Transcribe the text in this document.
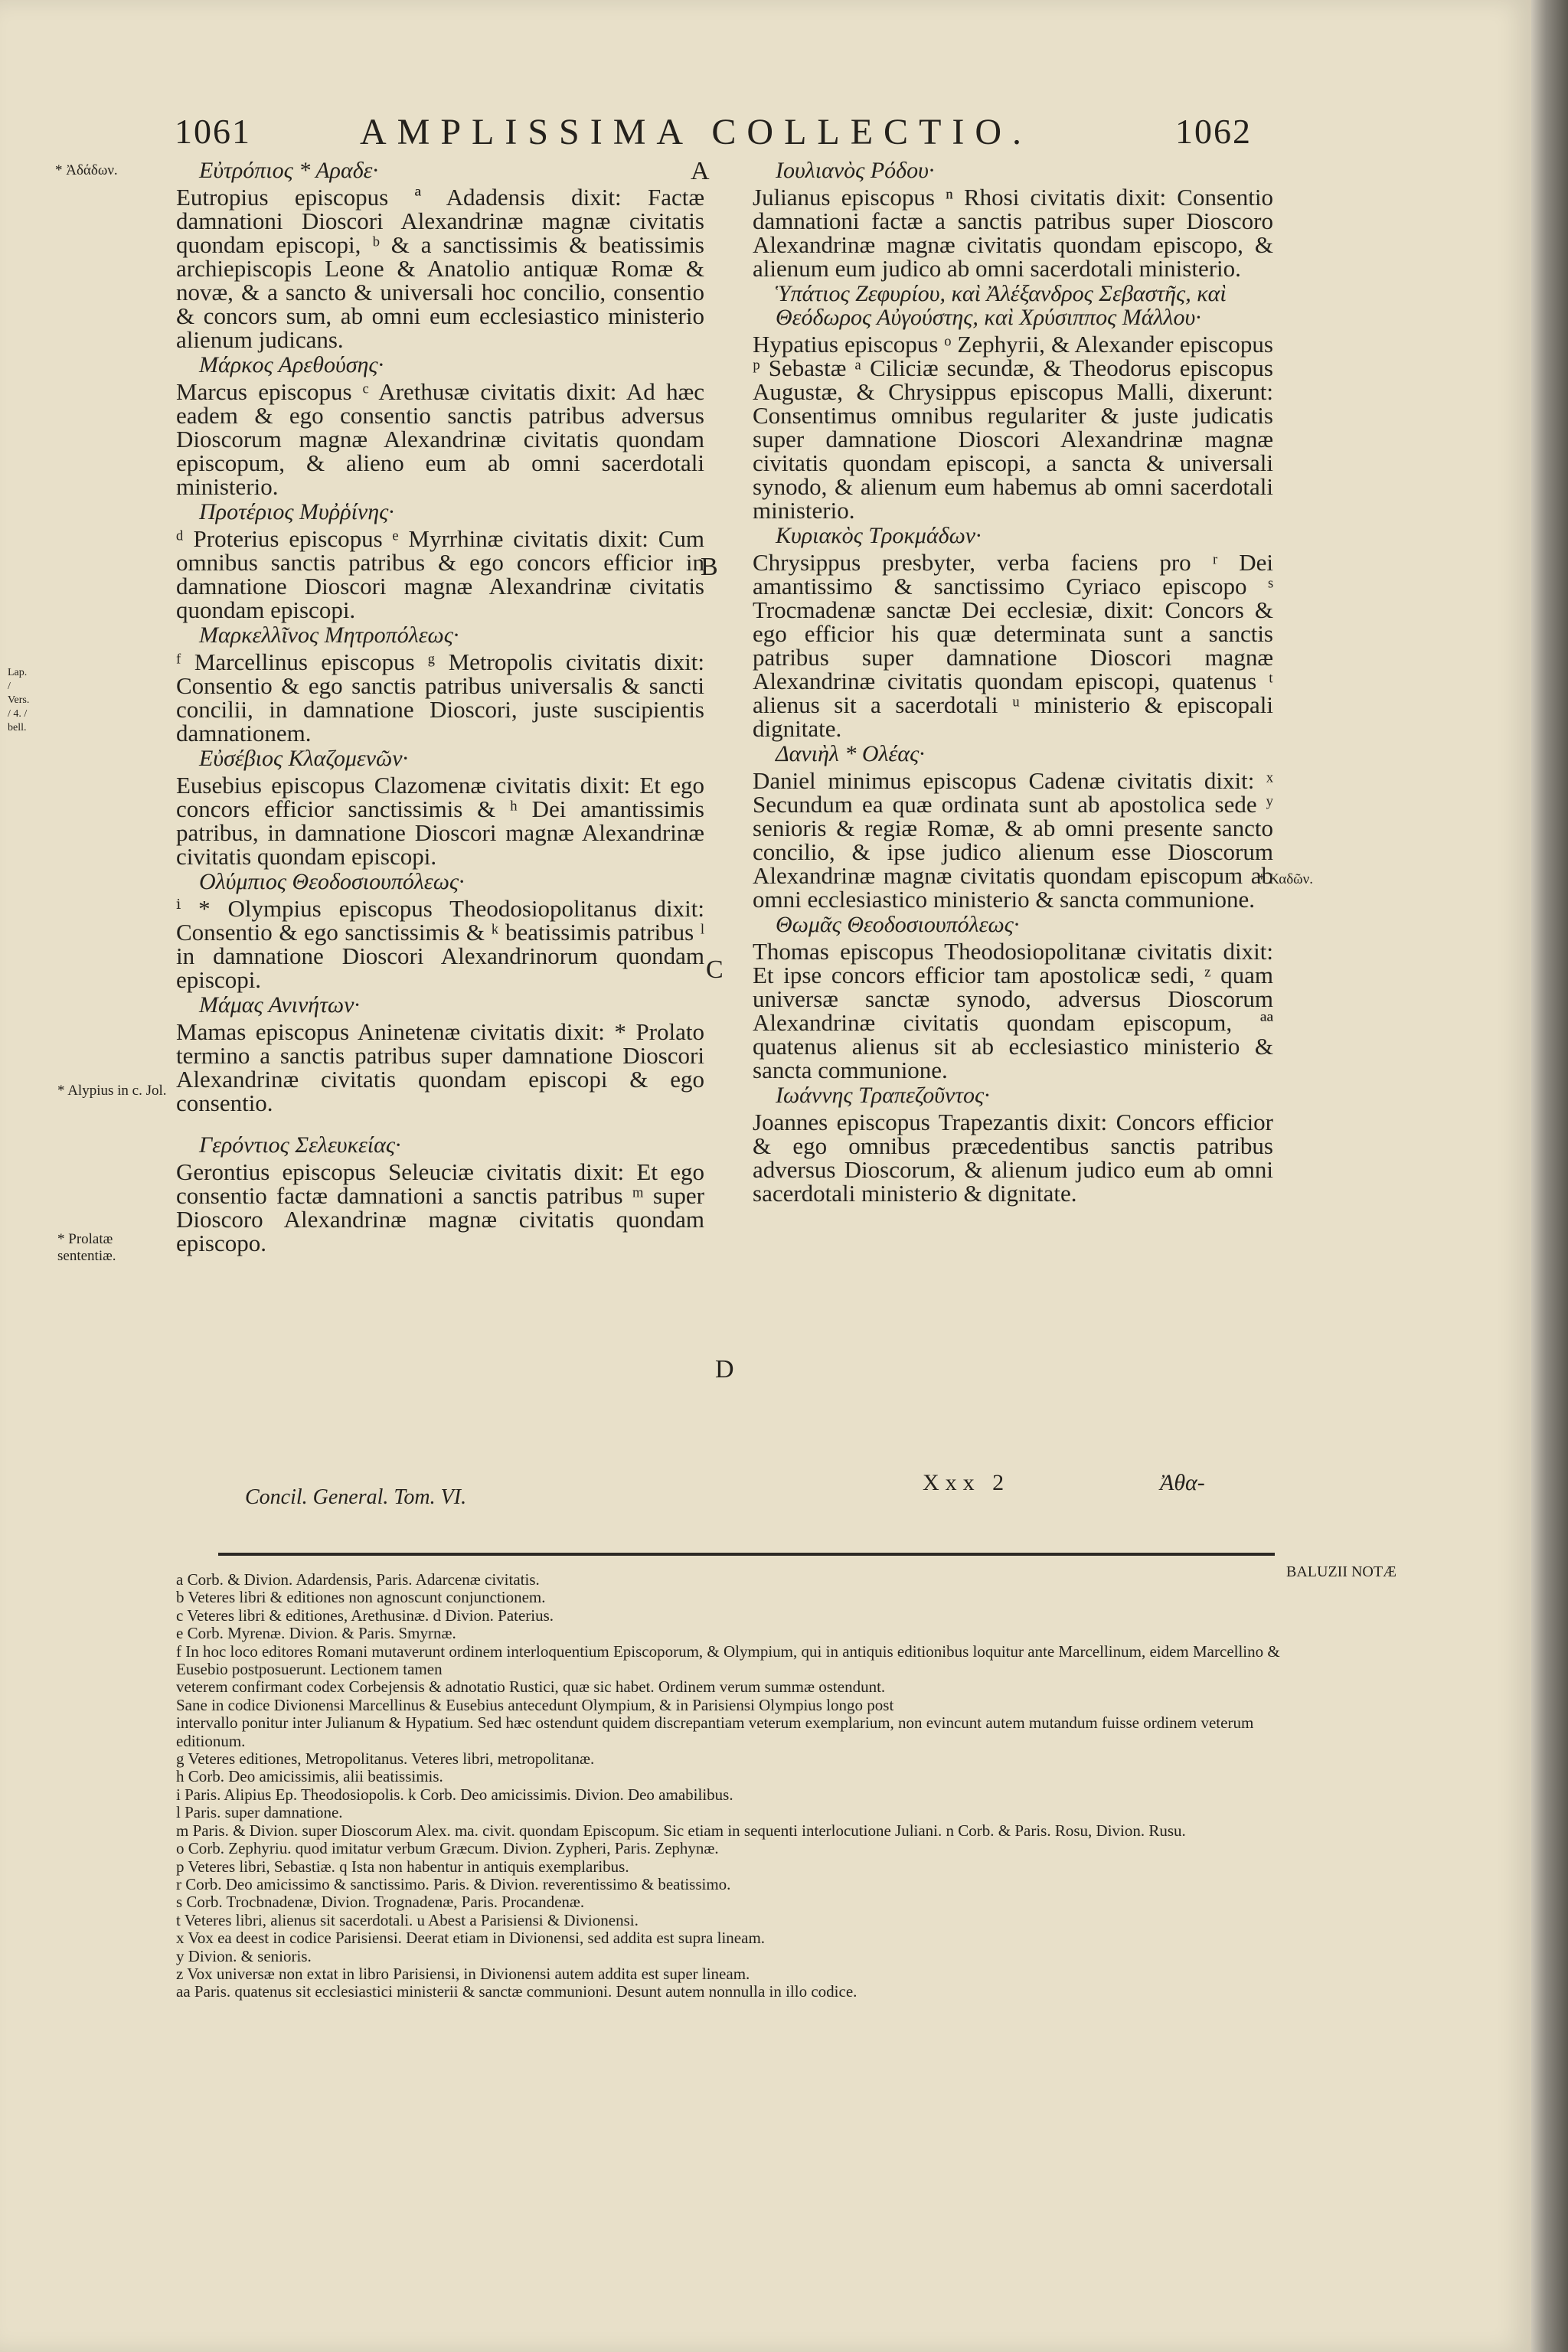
1061	AMPLISSIMA COLLECTIO.	1062
* Ἀδάδων.
Lap. / Vers. / 4. / bell.
* Alypius in c. Jol.
* Prolatæ sententiæ.
* Καδῶν.
A
B
C
D
Εὐτρόπιος * Αραδε·
Eutropius episcopus ª Adadensis dixit: Factæ damnationi Dioscori Alexandrinæ magnæ civitatis quondam episcopi, ᵇ & a sanctissimis & beatissimis archiepiscopis Leone & Anatolio antiquæ Romæ & novæ, & a sancto & universali hoc concilio, consentio & concors sum, ab omni eum ecclesiastico ministerio alienum judicans.
Μάρκος Αρεθούσης·
Marcus episcopus ᶜ Arethusæ civitatis dixit: Ad hæc eadem & ego consentio sanctis patribus adversus Dioscorum magnæ Alexandrinæ civitatis quondam episcopum, & alieno eum ab omni sacerdotali ministerio.
Προτέριος Μυῤῥίνης·
ᵈ Proterius episcopus ᵉ Myrrhinæ civitatis dixit: Cum omnibus sanctis patribus & ego concors efficior in damnatione Dioscori magnæ Alexandrinæ civitatis quondam episcopi.
Μαρκελλῖνος Μητροπόλεως·
ᶠ Marcellinus episcopus ᵍ Metropolis civitatis dixit: Consentio & ego sanctis patribus universalis & sancti concilii, in damnatione Dioscori, juste suscipientis damnationem.
Εὐσέβιος Κλαζομενῶν·
Eusebius episcopus Clazomenæ civitatis dixit: Et ego concors efficior sanctissimis & ʰ Dei amantissimis patribus, in damnatione Dioscori magnæ Alexandrinæ civitatis quondam episcopi.
Ολύμπιος Θεοδοσιουπόλεως·
ⁱ * Olympius episcopus Theodosiopolitanus dixit: Consentio & ego sanctissimis & ᵏ beatissimis patribus ˡ in damnatione Dioscori Alexandrinorum quondam episcopi.
Μάμας Ανινήτων·
Mamas episcopus Aninetenæ civitatis dixit: * Prolato termino a sanctis patribus super damnatione Dioscori Alexandrinæ civitatis quondam episcopi & ego consentio.
Γερόντιος Σελευκείας·
Gerontius episcopus Seleuciæ civitatis dixit: Et ego consentio factæ damnationi a sanctis patribus ᵐ super Dioscoro Alexandrinæ magnæ civitatis quondam episcopo.
Ιουλιανὸς Ρόδου·
Julianus episcopus ⁿ Rhosi civitatis dixit: Consentio damnationi factæ a sanctis patribus super Dioscoro Alexandrinæ magnæ civitatis quondam episcopo, & alienum eum judico ab omni sacerdotali ministerio.
Ὑπάτιος Ζεφυρίου, καὶ Ἀλέξανδρος Σεβαστῆς, καὶ Θεόδωρος Αὐγούστης, καὶ Χρύσιππος Μάλλου·
Hypatius episcopus ᵒ Zephyrii, & Alexander episcopus ᵖ Sebastæ ᵃ Ciliciæ secundæ, & Theodorus episcopus Augustæ, & Chrysippus episcopus Malli, dixerunt: Consentimus omnibus regulariter & juste judicatis super damnatione Dioscori Alexandrinæ magnæ civitatis quondam episcopi, a sancta & universali synodo, & alienum eum habemus ab omni sacerdotali ministerio.
Κυριακὸς Τροκμάδων·
Chrysippus presbyter, verba faciens pro ʳ Dei amantissimo & sanctissimo Cyriaco episcopo ˢ Trocmadenæ sanctæ Dei ecclesiæ, dixit: Concors & ego efficior his quæ determinata sunt a sanctis patribus super damnatione Dioscori magnæ Alexandrinæ civitatis quondam episcopi, quatenus ᵗ alienus sit a sacerdotali ᵘ ministerio & episcopali dignitate.
Δανιὴλ * Ολέας·
Daniel minimus episcopus Cadenæ civitatis dixit: ˣ Secundum ea quæ ordinata sunt ab apostolica sede ʸ senioris & regiæ Romæ, & ab omni presente sancto concilio, & ipse judico alienum esse Dioscorum Alexandrinæ magnæ civitatis quondam episcopum ab omni ecclesiastico ministerio & sancta communione.
Θωμᾶς Θεοδοσιουπόλεως·
Thomas episcopus Theodosiopolitanæ civitatis dixit: Et ipse concors efficior tam apostolicæ sedi, ᶻ quam universæ sanctæ synodo, adversus Dioscorum Alexandrinæ civitatis quondam episcopum, ªª quatenus alienus sit ab ecclesiastico ministerio & sancta communione.
Ιωάννης Τραπεζοῦντος·
Joannes episcopus Trapezantis dixit: Concors efficior & ego omnibus præcedentibus sanctis patribus adversus Dioscorum, & alienum judico eum ab omni sacerdotali ministerio & dignitate.
Concil. General. Tom. VI.
Xxx 2	Ἀθα-
BALUZII NOTÆ
a Corb. & Divion. Adardensis, Paris. Adarcenæ civitatis.
b Veteres libri & editiones non agnoscunt conjunctionem.
c Veteres libri & editiones, Arethusinæ. d Divion. Paterius.
e Corb. Myrenæ. Divion. & Paris. Smyrnæ.
f In hoc loco editores Romani mutaverunt ordinem interloquentium Episcoporum, & Olympium, qui in antiquis editionibus loquitur ante Marcellinum, eidem Marcellino & Eusebio postposuerunt. Lectionem tamen
veterem confirmant codex Corbejensis & adnotatio Rustici, quæ sic habet. Ordinem verum summæ ostendunt.
Sane in codice Divionensi Marcellinus & Eusebius antecedunt Olympium, & in Parisiensi Olympius longo post
intervallo ponitur inter Julianum & Hypatium. Sed hæc ostendunt quidem discrepantiam veterum exemplarium, non evincunt autem mutandum fuisse ordinem veterum editionum.
g Veteres editiones, Metropolitanus. Veteres libri, metropolitanæ.
h Corb. Deo amicissimis, alii beatissimis.
i Paris. Alipius Ep. Theodosiopolis. k Corb. Deo amicissimis. Divion. Deo amabilibus.
l Paris. super damnatione.
m Paris. & Divion. super Dioscorum Alex. ma. civit. quondam Episcopum. Sic etiam in sequenti interlocutione Juliani. n Corb. & Paris. Rosu, Divion. Rusu.
o Corb. Zephyriu. quod imitatur verbum Græcum. Divion. Zypheri, Paris. Zephynæ.
p Veteres libri, Sebastiæ. q Ista non habentur in antiquis exemplaribus.
r Corb. Deo amicissimo & sanctissimo. Paris. & Divion. reverentissimo & beatissimo.
s Corb. Trocbnadenæ, Divion. Trognadenæ, Paris. Procandenæ.
t Veteres libri, alienus sit sacerdotali. u Abest a Parisiensi & Divionensi.
x Vox ea deest in codice Parisiensi. Deerat etiam in Divionensi, sed addita est supra lineam.
y Divion. & senioris.
z Vox universæ non extat in libro Parisiensi, in Divionensi autem addita est super lineam.
aa Paris. quatenus sit ecclesiastici ministerii & sanctæ communioni. Desunt autem nonnulla in illo codice.
